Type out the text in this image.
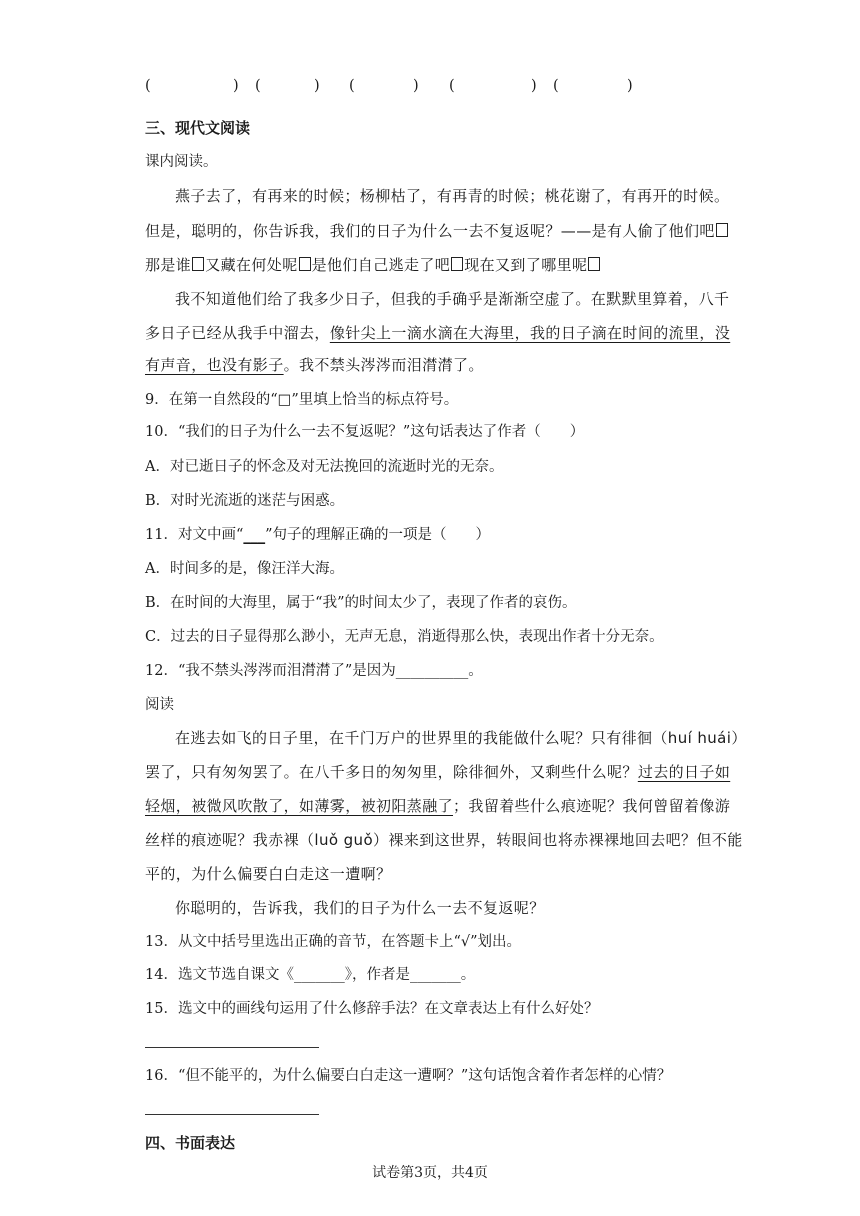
(	) (	) (	) (	) (	)
三、现代文阅读
课内阅读。
燕子去了，有再来的时候；杨柳枯了，有再青的时候；桃花谢了，有再开的时候。
但是，聪明的，你告诉我，我们的日子为什么一去不复返呢？——是有人偷了他们吧
那是谁 又藏在何处呢 是他们自己逃走了吧 现在又到了哪里呢
我不知道他们给了我多少日子，但我的手确乎是渐渐空虚了。在默默里算着，八千
多日子已经从我手中溜去，像针尖上一滴水滴在大海里，我的日子滴在时间的流里，没
有声音，也没有影子。我不禁头涔涔而泪潸潸了。
9．在第一自然段的“□”里填上恰当的标点符号。
10．“我们的日子为什么一去不复返呢？”这句话表达了作者（　　）
A．对已逝日子的怀念及对无法挽回的流逝时光的无奈。
B．对时光流逝的迷茫与困惑。
11．对文中画“___”句子的理解正确的一项是（　　）
A．时间多的是，像汪洋大海。
B．在时间的大海里，属于“我”的时间太少了，表现了作者的哀伤。
C．过去的日子显得那么渺小，无声无息，消逝得那么快，表现出作者十分无奈。
12．“我不禁头涔涔而泪潸潸了”是因为__________。
阅读
在逃去如飞的日子里，在千门万户的世界里的我能做什么呢？只有徘徊（huí huái）
罢了，只有匆匆罢了。在八千多日的匆匆里，除徘徊外，又剩些什么呢？过去的日子如
轻烟，被微风吹散了，如薄雾，被初阳蒸融了；我留着些什么痕迹呢？我何曾留着像游
丝样的痕迹呢？我赤裸（luǒ guǒ）裸来到这世界，转眼间也将赤裸裸地回去吧？但不能
平的，为什么偏要白白走这一遭啊？
你聪明的，告诉我，我们的日子为什么一去不复返呢？
13．从文中括号里选出正确的音节，在答题卡上“√”划出。
14．选文节选自课文《_______》，作者是_______。
15．选文中的画线句运用了什么修辞手法？在文章表达上有什么好处？
16．“但不能平的，为什么偏要白白走这一遭啊？”这句话饱含着作者怎样的心情？
四、书面表达
试卷第3页，共4页
